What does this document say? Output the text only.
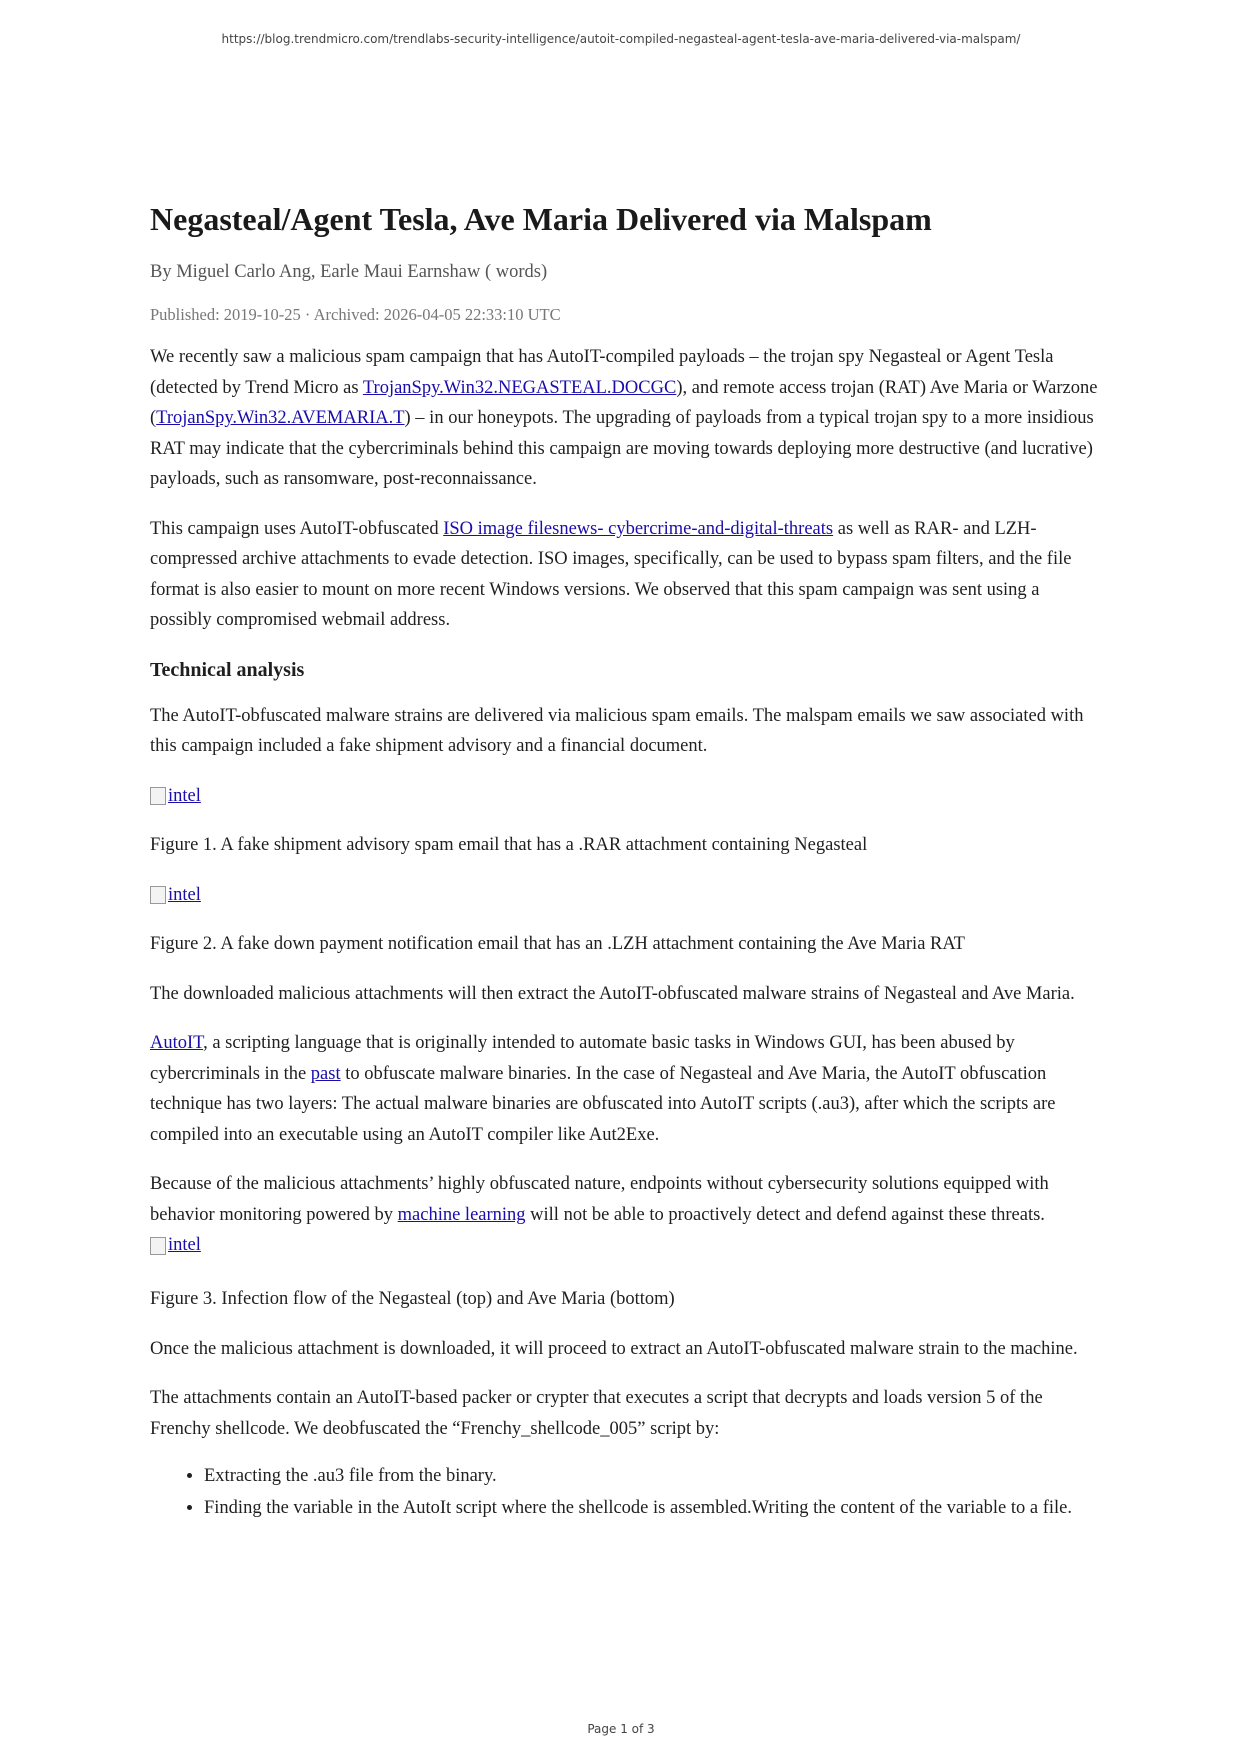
https://blog.trendmicro.com/trendlabs-security-intelligence/autoit-compiled-negasteal-agent-tesla-ave-maria-delivered-via-malspam/
Negasteal/Agent Tesla, Ave Maria Delivered via Malspam
By Miguel Carlo Ang, Earle Maui Earnshaw ( words)
Published: 2019-10-25 · Archived: 2026-04-05 22:33:10 UTC

We recently saw a malicious spam campaign that has AutoIT-compiled payloads – the trojan spy Negasteal or Agent Tesla (detected by Trend Micro as TrojanSpy.Win32.NEGASTEAL.DOCGC), and remote access trojan (RAT) Ave Maria or Warzone (TrojanSpy.Win32.AVEMARIA.T) – in our honeypots. The upgrading of payloads from a typical trojan spy to a more insidious RAT may indicate that the cybercriminals behind this campaign are moving towards deploying more destructive (and lucrative) payloads, such as ransomware, post-reconnaissance.

This campaign uses AutoIT-obfuscated ISO image filesnews- cybercrime-and-digital-threats as well as RAR- and LZH-compressed archive attachments to evade detection. ISO images, specifically, can be used to bypass spam filters, and the file format is also easier to mount on more recent Windows versions. We observed that this spam campaign was sent using a possibly compromised webmail address.

Technical analysis

The AutoIT-obfuscated malware strains are delivered via malicious spam emails. The malspam emails we saw associated with this campaign included a fake shipment advisory and a financial document.

intel
Figure 1. A fake shipment advisory spam email that has a .RAR attachment containing Negasteal
intel
Figure 2. A fake down payment notification email that has an .LZH attachment containing the Ave Maria RAT

The downloaded malicious attachments will then extract the AutoIT-obfuscated malware strains of Negasteal and Ave Maria.

AutoIT, a scripting language that is originally intended to automate basic tasks in Windows GUI, has been abused by cybercriminals in the past to obfuscate malware binaries. In the case of Negasteal and Ave Maria, the AutoIT obfuscation technique has two layers: The actual malware binaries are obfuscated into AutoIT scripts (.au3), after which the scripts are compiled into an executable using an AutoIT compiler like Aut2Exe.

Because of the malicious attachments’ highly obfuscated nature, endpoints without cybersecurity solutions equipped with behavior monitoring powered by machine learning will not be able to proactively detect and defend against these threats.

intel

Figure 3. Infection flow of the Negasteal (top) and Ave Maria (bottom)

Once the malicious attachment is downloaded, it will proceed to extract an AutoIT-obfuscated malware strain to the machine.

The attachments contain an AutoIT-based packer or crypter that executes a script that decrypts and loads version 5 of the Frenchy shellcode. We deobfuscated the “Frenchy_shellcode_005” script by:

• Extracting the .au3 file from the binary.
• Finding the variable in the AutoIt script where the shellcode is assembled.Writing the content of the variable to a file.
Page 1 of 3
